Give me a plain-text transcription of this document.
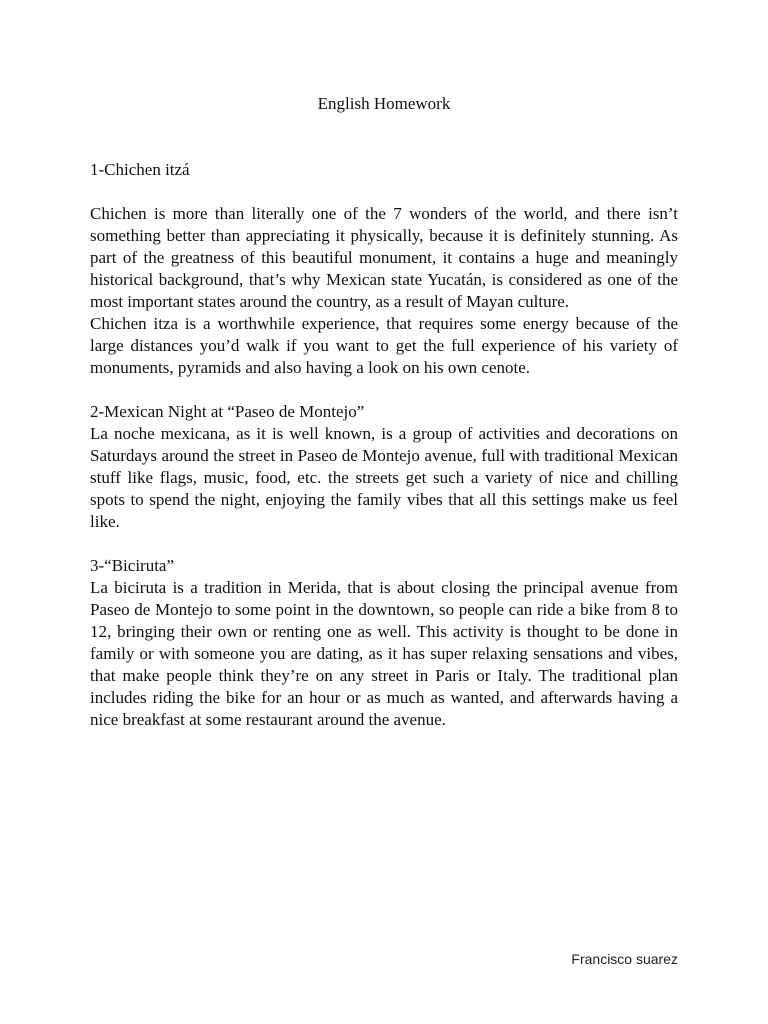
English Homework

1-Chichen itzá

Chichen is more than literally one of the 7 wonders of the world, and there isn’t something better than appreciating it physically, because it is definitely stunning. As part of the greatness of this beautiful monument, it contains a huge and meaningly historical background, that’s why Mexican state Yucatán, is considered as one of the most important states around the country, as a result of Mayan culture.

Chichen itza is a worthwhile experience, that requires some energy because of the large distances you’d walk if you want to get the full experience of his variety of monuments, pyramids and also having a look on his own cenote.

2-Mexican Night at “Paseo de Montejo”

La noche mexicana, as it is well known, is a group of activities and decorations on Saturdays around the street in Paseo de Montejo avenue, full with traditional Mexican stuff like flags, music, food, etc. the streets get such a variety of nice and chilling spots to spend the night, enjoying the family vibes that all this settings make us feel like.

3-“Biciruta”

La biciruta is a tradition in Merida, that is about closing the principal avenue from Paseo de Montejo to some point in the downtown, so people can ride a bike from 8 to 12, bringing their own or renting one as well. This activity is thought to be done in family or with someone you are dating, as it has super relaxing sensations and vibes, that make people think they’re on any street in Paris or Italy. The traditional plan includes riding the bike for an hour or as much as wanted, and afterwards having a nice breakfast at some restaurant around the avenue.

Francisco suarez
